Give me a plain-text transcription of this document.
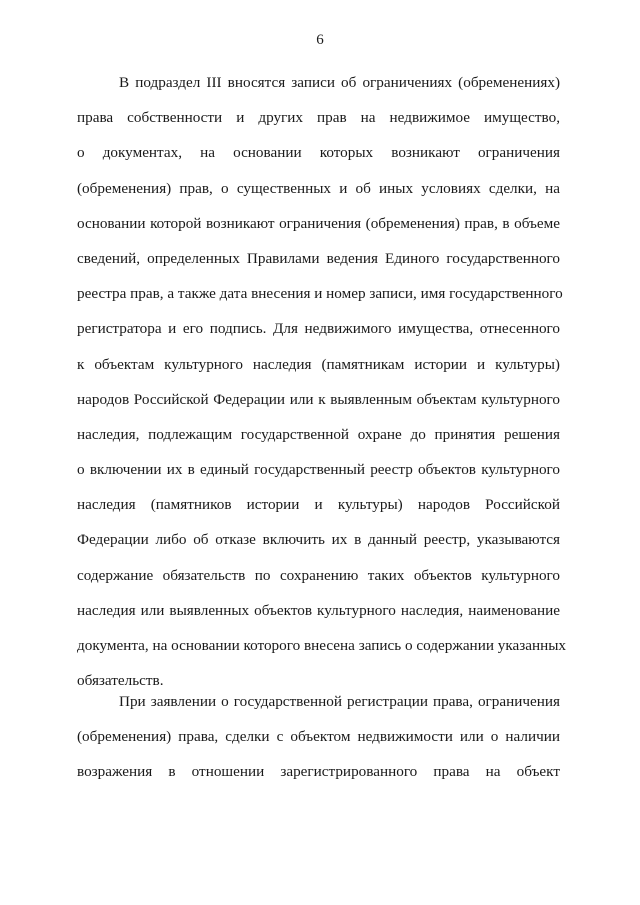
6
В подраздел III вносятся записи об ограничениях (обременениях)
права собственности и других прав на недвижимое имущество,
о документах, на основании которых возникают ограничения
(обременения) прав, о существенных и об иных условиях сделки, на
основании которой возникают ограничения (обременения) прав, в объеме
сведений, определенных Правилами ведения Единого государственного
реестра прав, а также дата внесения и номер записи, имя государственного
регистратора и его подпись. Для недвижимого имущества, отнесенного
к объектам культурного наследия (памятникам истории и культуры)
народов Российской Федерации или к выявленным объектам культурного
наследия, подлежащим государственной охране до принятия решения
о включении их в единый государственный реестр объектов культурного
наследия (памятников истории и культуры) народов Российской
Федерации либо об отказе включить их в данный реестр, указываются
содержание обязательств по сохранению таких объектов культурного
наследия или выявленных объектов культурного наследия, наименование
документа, на основании которого внесена запись о содержании указанных
обязательств.
При заявлении о государственной регистрации права, ограничения
(обременения) права, сделки с объектом недвижимости или о наличии
возражения в отношении зарегистрированного права на объект
